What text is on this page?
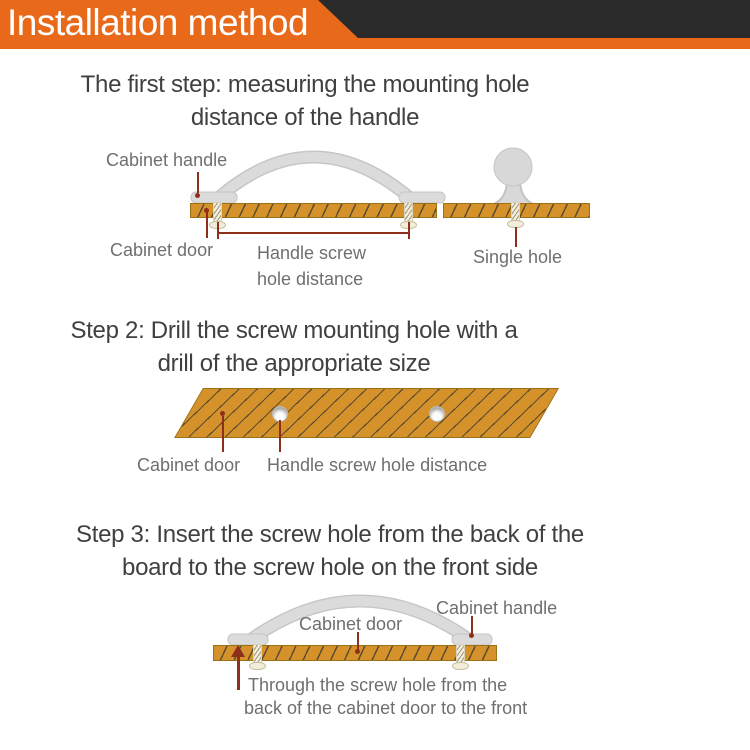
Installation method
The first step: measuring the mounting hole
distance of the handle
Cabinet handle
Cabinet door Handle screw
hole distance
Single hole
Step 2: Drill the screw mounting hole with a
drill of the appropriate size
Cabinet door Handle screw hole distance
Step 3: Insert the screw hole from the back of the
board to the screw hole on the front side
Cabinet door
Cabinet handle
Through the screw hole from the
back of the cabinet door to the front
